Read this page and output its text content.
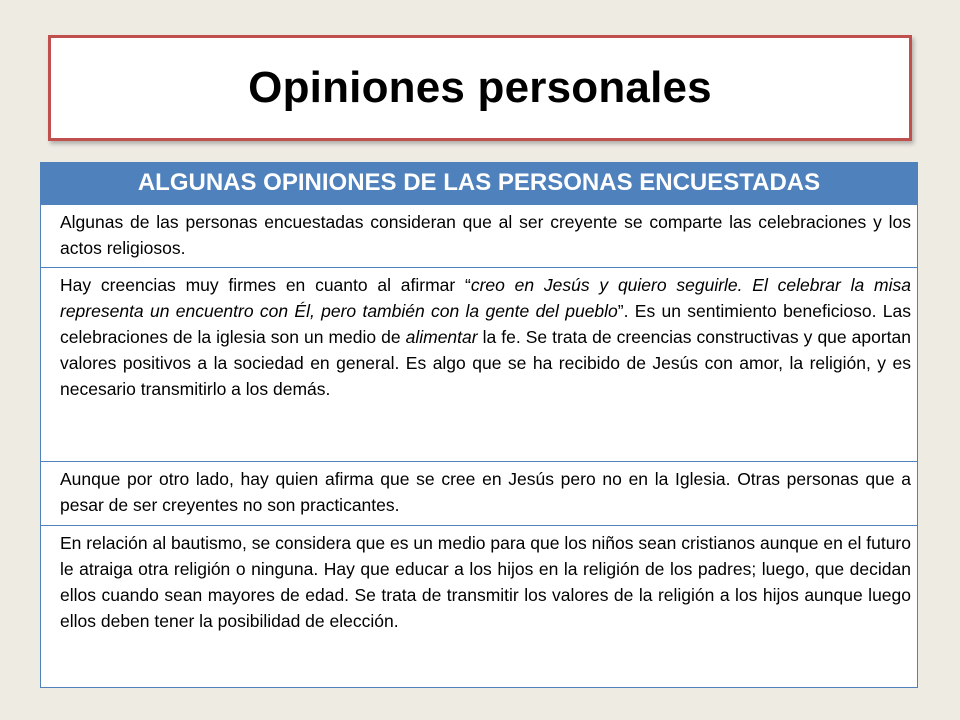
Opiniones personales
ALGUNAS OPINIONES DE LAS PERSONAS ENCUESTADAS
Algunas de las personas encuestadas consideran que al ser creyente se comparte las celebraciones y los actos religiosos.
Hay creencias muy firmes en cuanto al afirmar “creo en Jesús y quiero seguirle. El celebrar la misa representa un encuentro con Él, pero también con la gente del pueblo”. Es un sentimiento beneficioso. Las celebraciones de la iglesia son un medio de alimentar la fe. Se trata de creencias constructivas y que aportan valores positivos a la sociedad en general. Es algo que se ha recibido de Jesús con amor, la religión, y es necesario transmitirlo a los demás.
Aunque por otro lado, hay quien afirma que se cree en Jesús pero no en la Iglesia. Otras personas que a pesar de ser creyentes no son practicantes.
En relación al bautismo, se considera que es un medio para que los niños sean cristianos aunque en el futuro le atraiga otra religión o ninguna. Hay que educar a los hijos en la religión de los padres; luego, que decidan ellos cuando sean mayores de edad. Se trata de transmitir los valores de la religión a los hijos aunque luego ellos deben tener la posibilidad de elección.
